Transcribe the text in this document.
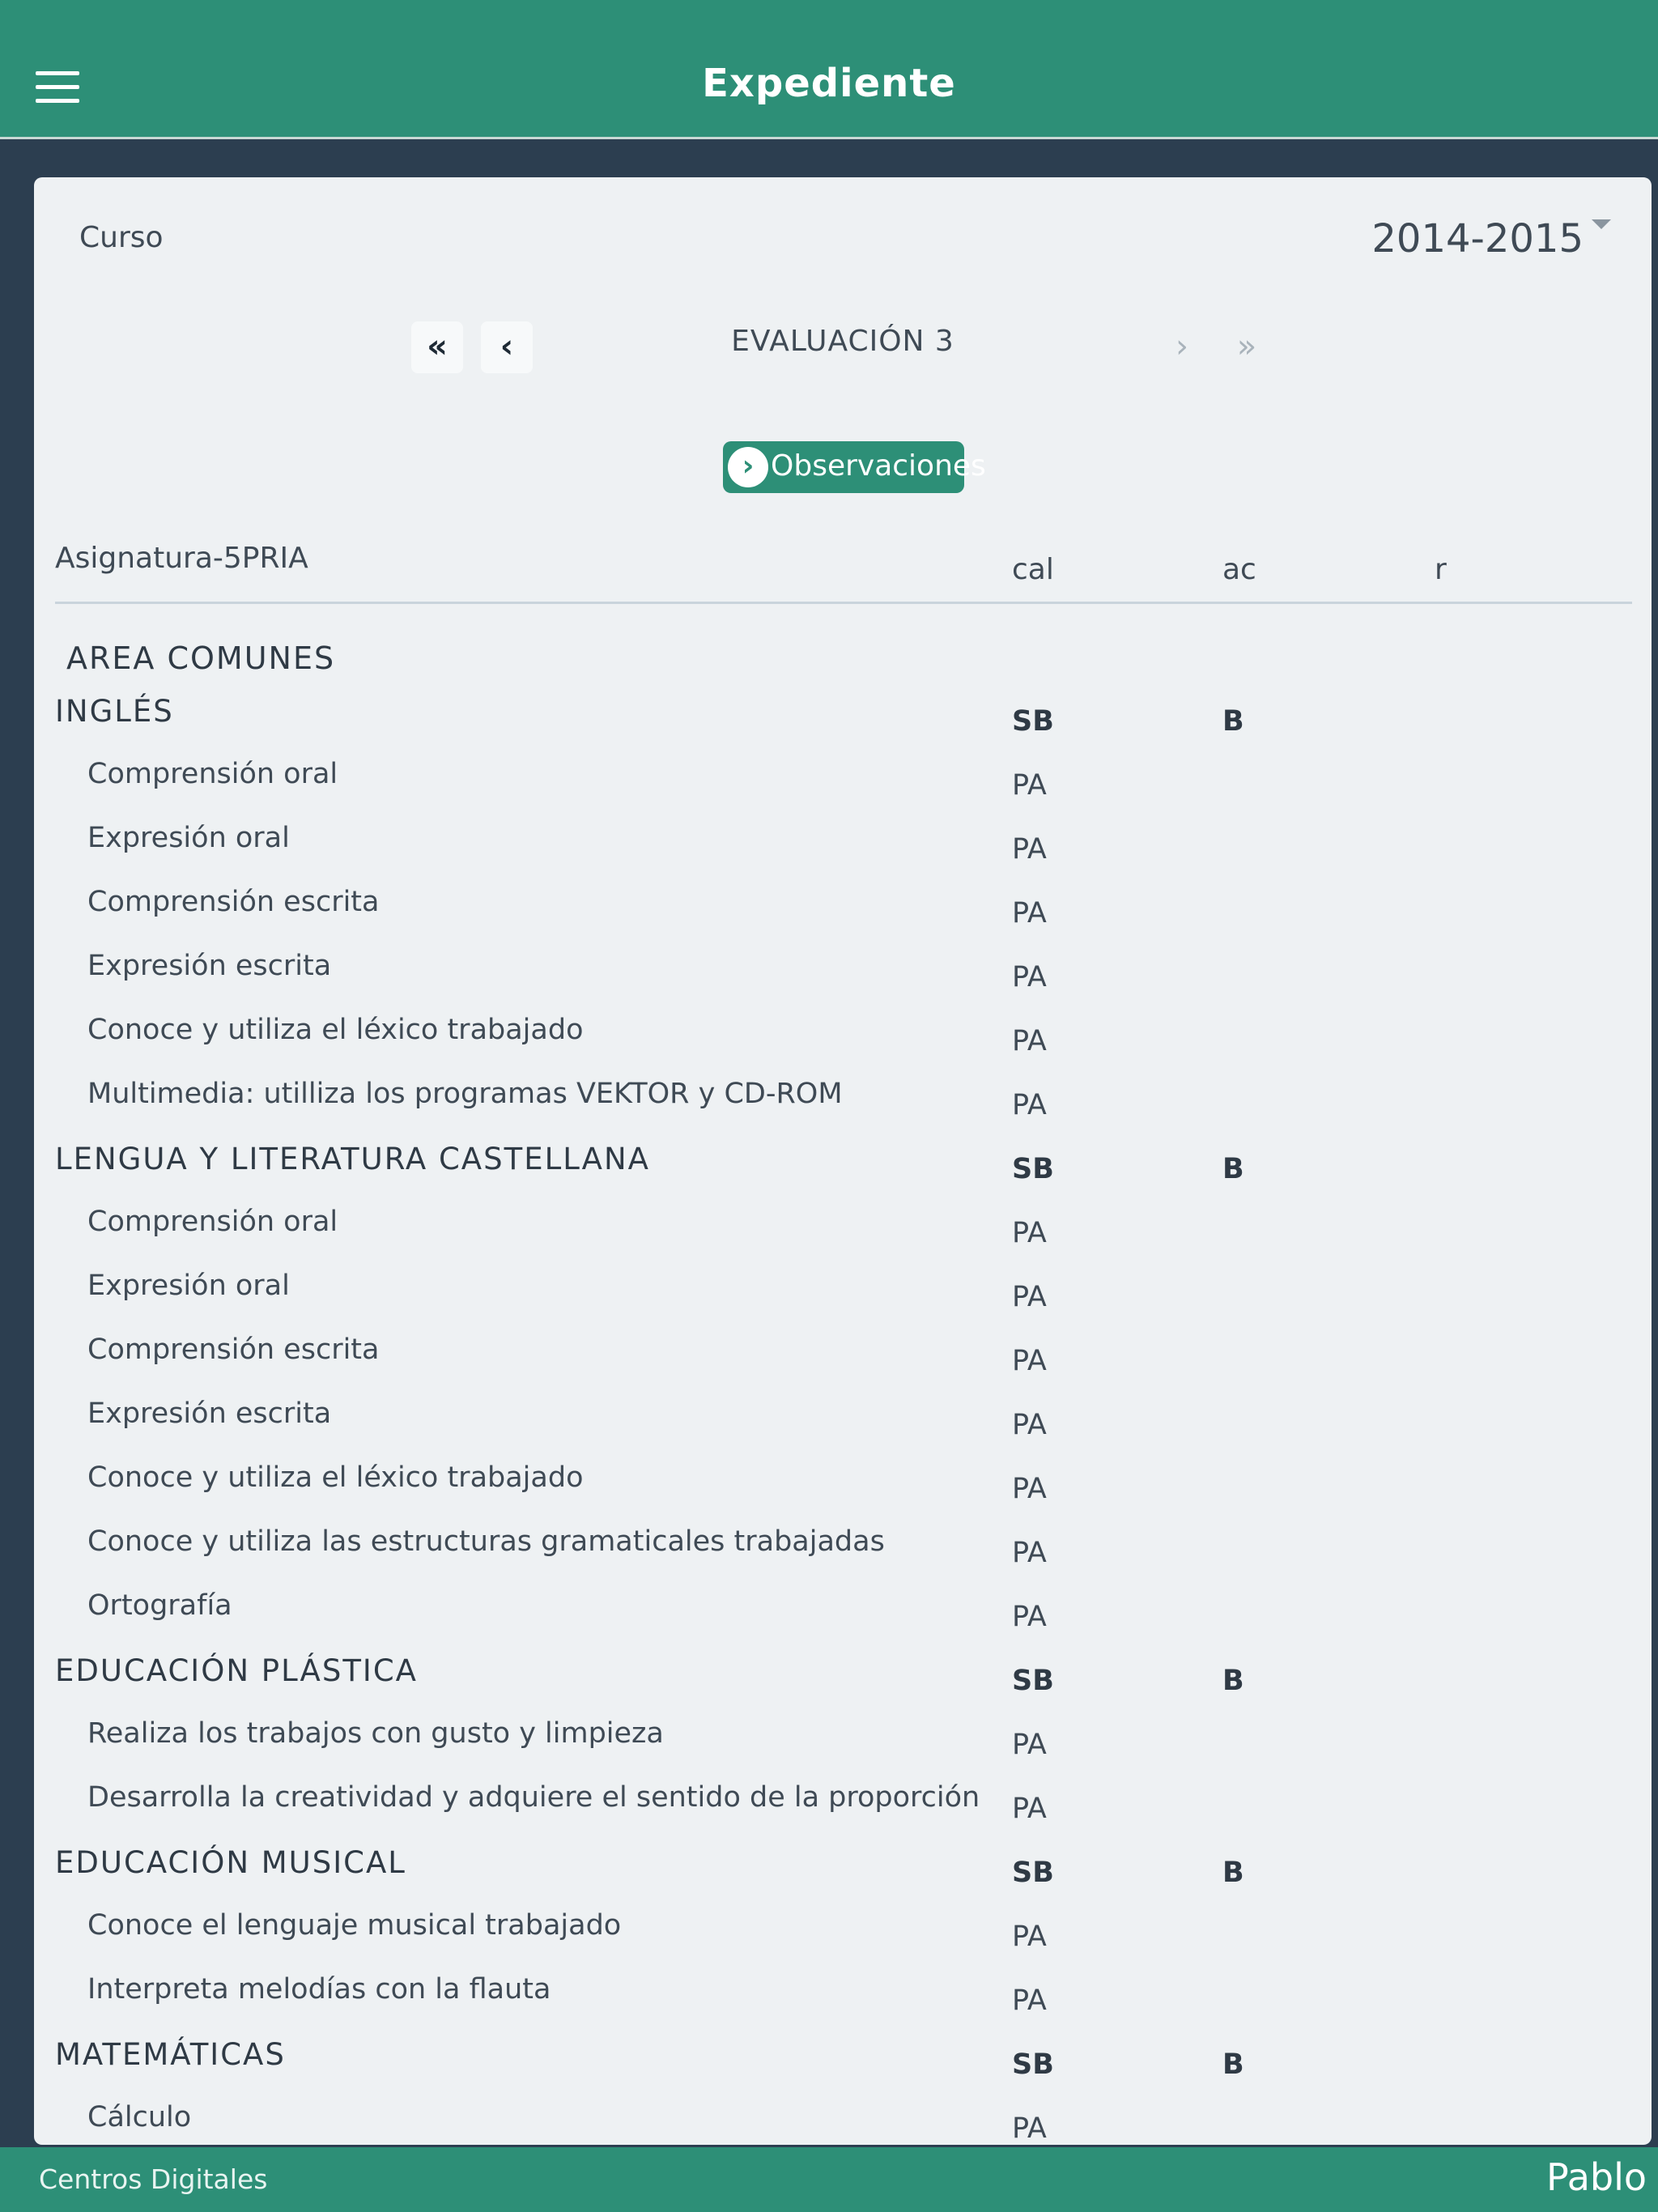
Expediente
Curso	2014-2015
«	‹	EVALUACIÓN 3	›	»
› Observaciones
Asignatura-5PRIA	cal	ac	r
AREA COMUNES
INGLÉS	SB	B
Comprensión oral	PA
Expresión oral	PA
Comprensión escrita	PA
Expresión escrita	PA
Conoce y utiliza el léxico trabajado	PA
Multimedia: utilliza los programas VEKTOR y CD-ROM	PA
LENGUA Y LITERATURA CASTELLANA	SB	B
Comprensión oral	PA
Expresión oral	PA
Comprensión escrita	PA
Expresión escrita	PA
Conoce y utiliza el léxico trabajado	PA
Conoce y utiliza las estructuras gramaticales trabajadas	PA
Ortografía	PA
EDUCACIÓN PLÁSTICA	SB	B
Realiza los trabajos con gusto y limpieza	PA
Desarrolla la creatividad y adquiere el sentido de la proporción PA
EDUCACIÓN MUSICAL	SB	B
Conoce el lenguaje musical trabajado	PA
Interpreta melodías con la flauta	PA
MATEMÁTICAS	SB	B
Cálculo	PA
Centros Digitales	Pablo
